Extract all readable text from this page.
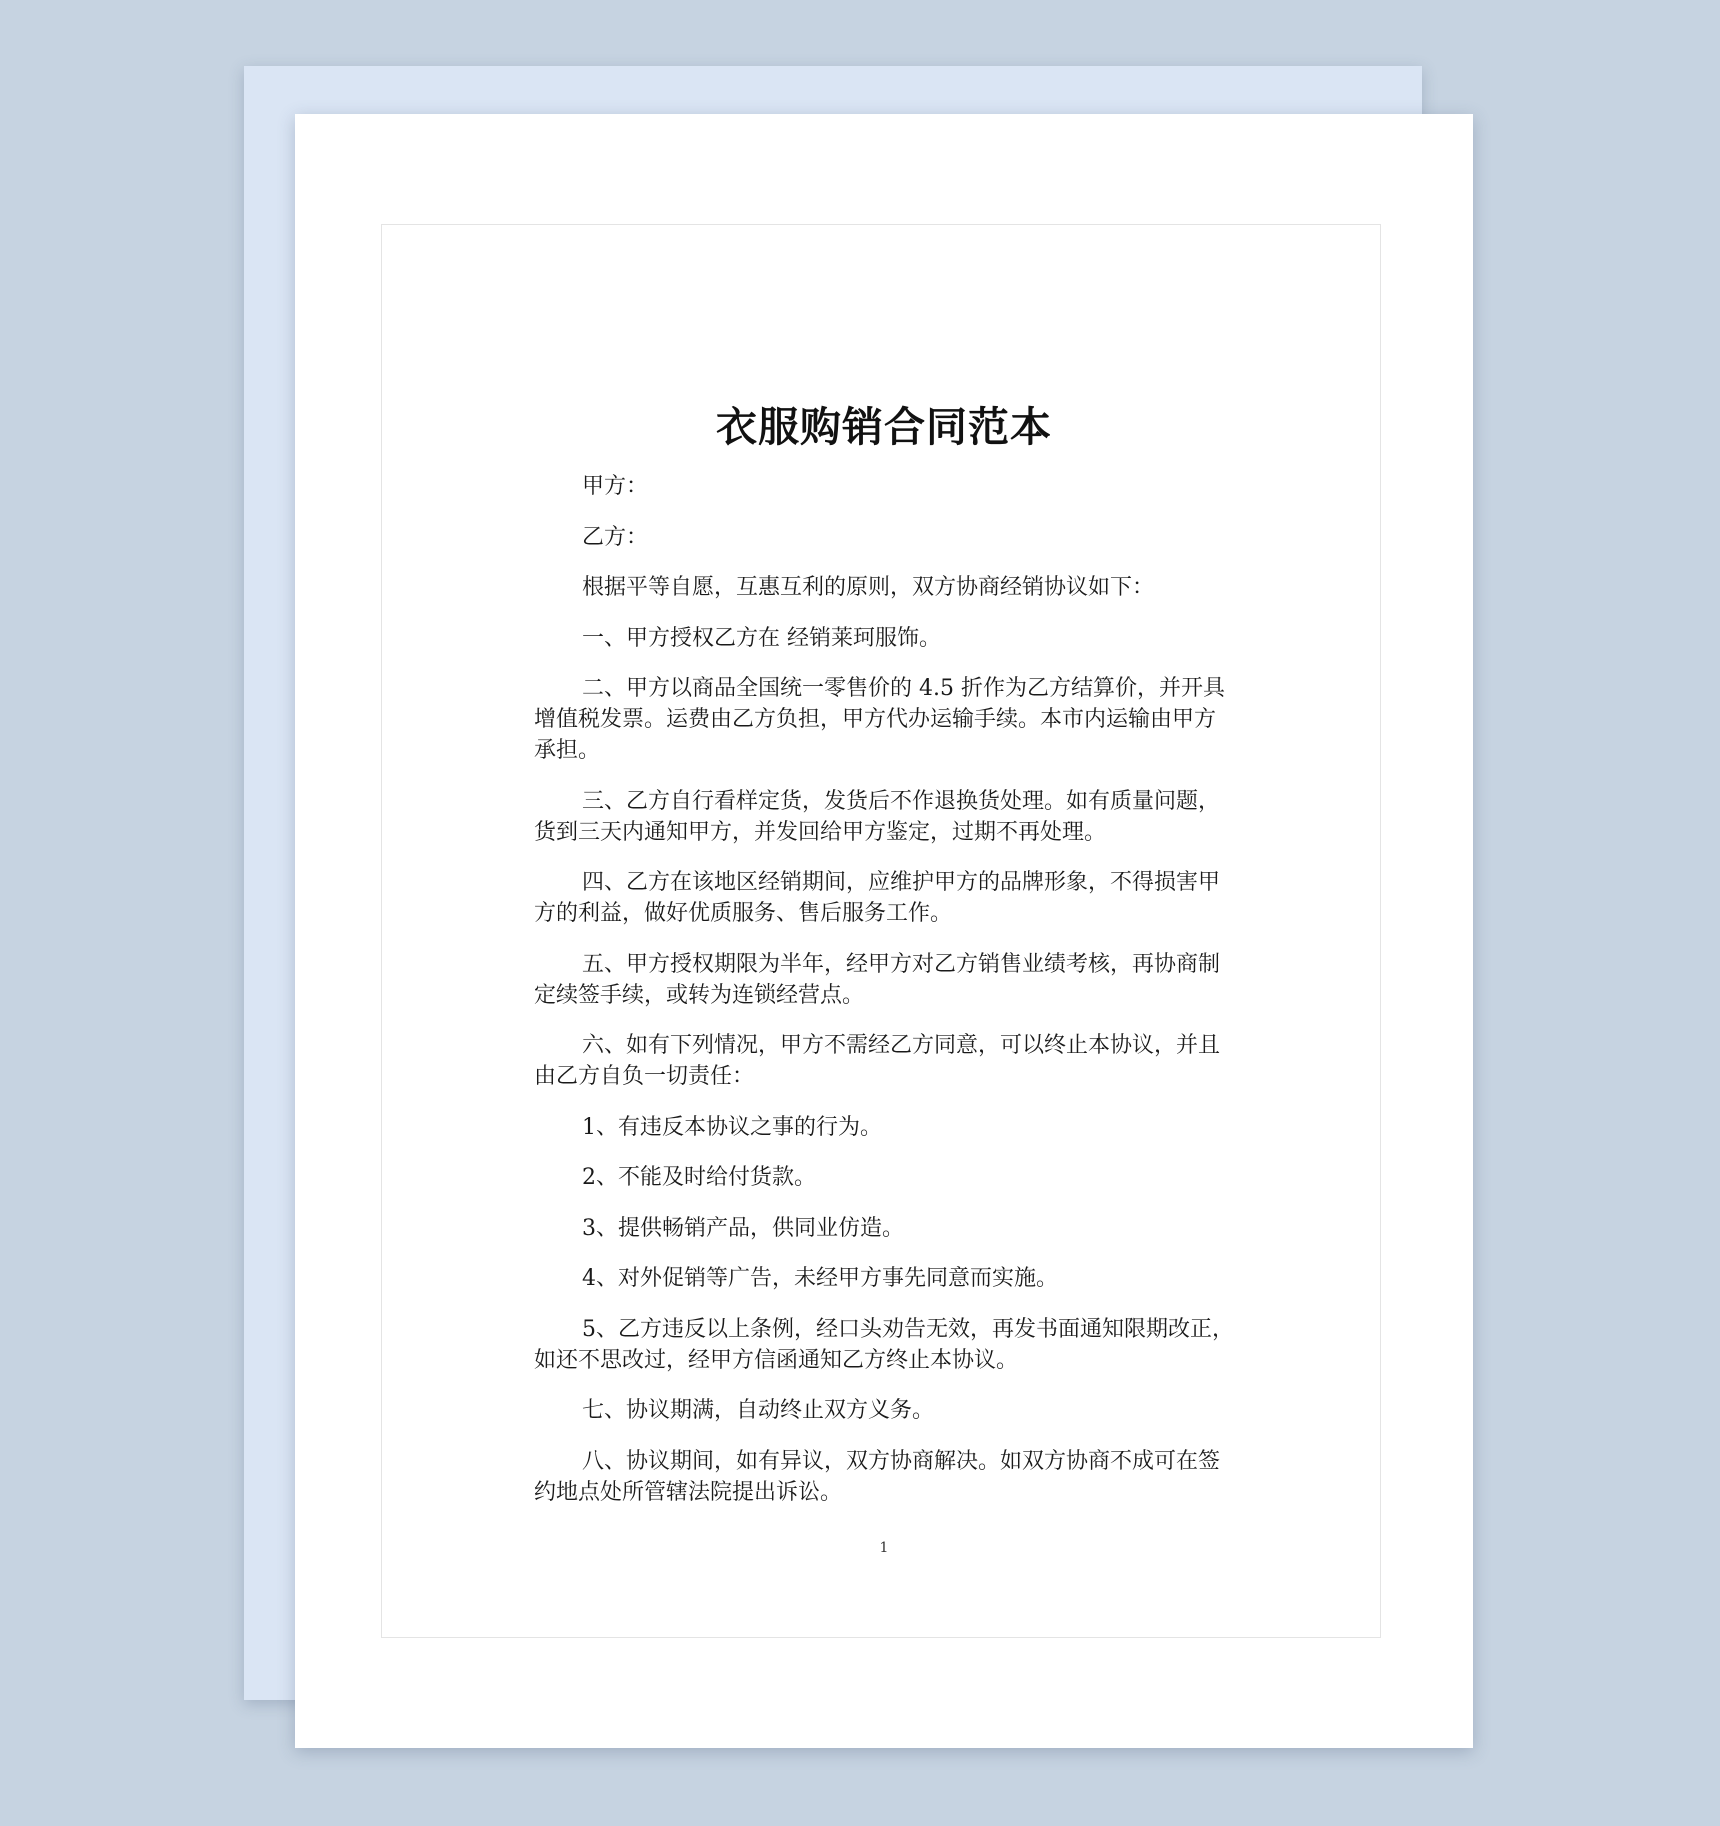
衣服购销合同范本

甲方：

乙方：

根据平等自愿，互惠互利的原则，双方协商经销协议如下：

一、甲方授权乙方在 经销莱珂服饰。

二、甲方以商品全国统一零售价的 4.5 折作为乙方结算价，并开具增值税发票。运费由乙方负担，甲方代办运输手续。本市内运输由甲方承担。

三、乙方自行看样定货，发货后不作退换货处理。如有质量问题，货到三天内通知甲方，并发回给甲方鉴定，过期不再处理。

四、乙方在该地区经销期间，应维护甲方的品牌形象，不得损害甲方的利益，做好优质服务、售后服务工作。

五、甲方授权期限为半年，经甲方对乙方销售业绩考核，再协商制定续签手续，或转为连锁经营点。

六、如有下列情况，甲方不需经乙方同意，可以终止本协议，并且由乙方自负一切责任：

1、有违反本协议之事的行为。

2、不能及时给付货款。

3、提供畅销产品，供同业仿造。

4、对外促销等广告，未经甲方事先同意而实施。

5、乙方违反以上条例，经口头劝告无效，再发书面通知限期改正，如还不思改过，经甲方信函通知乙方终止本协议。

七、协议期满，自动终止双方义务。

八、协议期间，如有异议，双方协商解决。如双方协商不成可在签约地点处所管辖法院提出诉讼。

1
